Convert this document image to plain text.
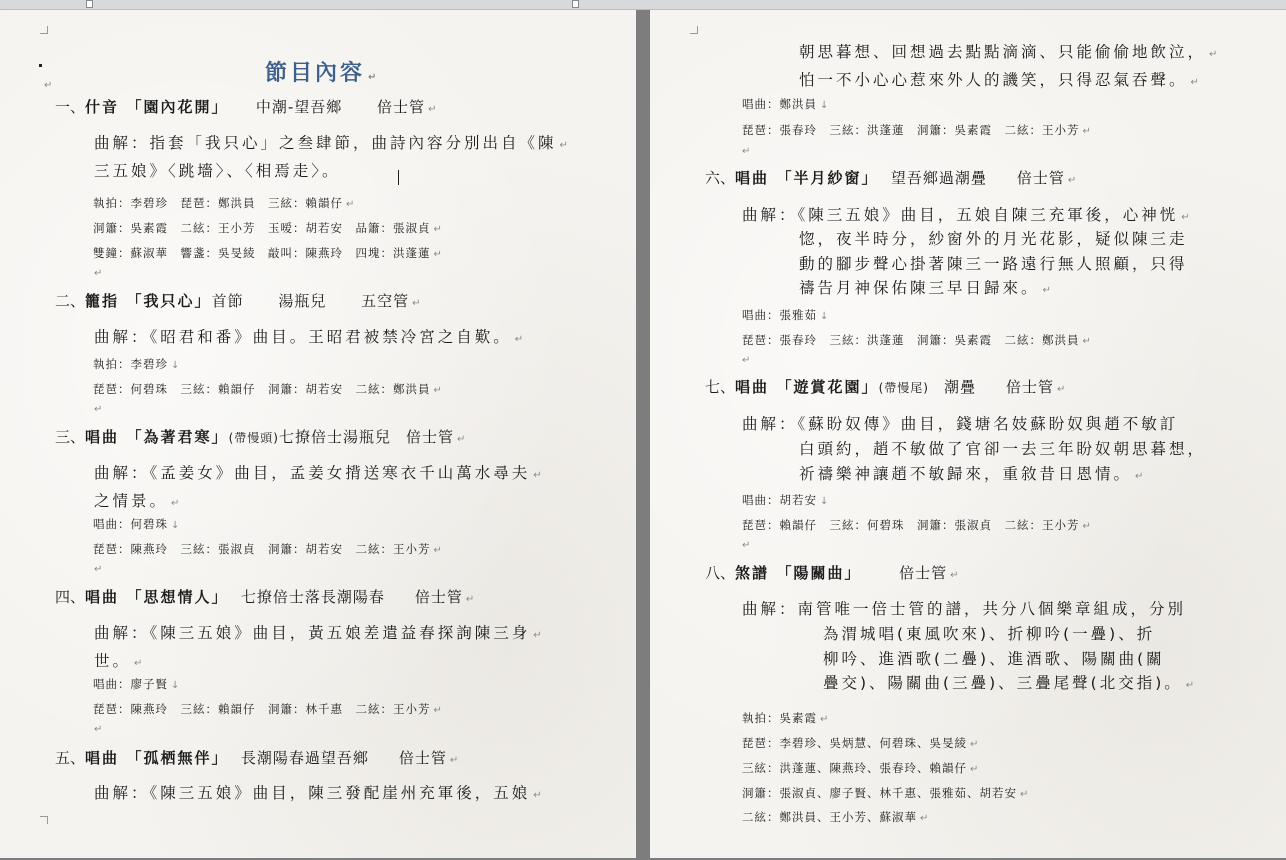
節目內容 ↵
↵
一、什音　 「園內花開」　　 中潮-望吾鄉　　 倍士管 ↵
曲解：指套「我只心」之叁肆節，曲詩內容分別出自《陳 ↵
三五娘》〈跳墻〉、〈相焉走〉。
執拍：李碧珍　琵琶：鄭洪員　三絃：賴韻仔 ↵
洞簫：吳素霞　二絃：王小芳　玉嗳：胡若安　品簫：張淑貞 ↵
雙鐘：蘇淑華　響盞：吳旻綾　敲叫：陳燕玲　四塊：洪蓬蓮 ↵
↵
二、籠指　 「我只心」首節　　 湯瓶兒　　 五空管 ↵
曲解：《昭君和番》曲目。王昭君被禁冷宮之自歎。 ↵
執拍：李碧珍 ↓
琵琶：何碧珠　三絃：賴韻仔　洞簫：胡若安　二絃：鄭洪員 ↵
↵
三、唱曲　 「為著君寒」(帶慢頭)七撩倍士湯瓶兒　 倍士管 ↵
曲解：《孟姜女》曲目，孟姜女揹送寒衣千山萬水尋夫 ↵
之情景。 ↵
唱曲：何碧珠 ↓
琵琶：陳燕玲　三絃：張淑貞　洞簫：胡若安　二絃：王小芳 ↵
↵
四、唱曲　 「思想情人」　 七撩倍士落長潮陽春　　 倍士管 ↵
曲解：《陳三五娘》曲目，黃五娘差遣益春探詢陳三身 ↵
世。 ↵
唱曲：廖子賢 ↓
琵琶：陳燕玲　三絃：賴韻仔　洞簫：林千惠　二絃：王小芳 ↵
↵
五、唱曲　 「孤栖無伴」　 長潮陽春過望吾鄉　　 倍士管 ↵
曲解：《陳三五娘》曲目，陳三發配崖州充軍後，五娘 ↵
朝思暮想、回想過去點點滴滴、只能偷偷地飲泣， ↵
怕一不小心心惹來外人的譏笑，只得忍氣吞聲。 ↵
唱曲：鄭洪員 ↓
琵琶：張春玲　三絃：洪蓬蓮　洞簫：吳素霞　二絃：王小芳 ↵
↵
六、唱曲　 「半月紗窗」　 望吾鄉過潮疊　　 倍士管 ↵
曲解：《陳三五娘》曲目，五娘自陳三充軍後，心神恍 ↵
惚，夜半時分，紗窗外的月光花影，疑似陳三走
動的腳步聲心掛著陳三一路遠行無人照顧，只得
禱告月神保佑陳三早日歸來。 ↵
唱曲：張雅茹 ↓
琵琶：張春玲　三絃：洪蓬蓮　洞簫：吳素霞　二絃：鄭洪員 ↵
↵
七、唱曲　 「遊賞花園」(帶慢尾)　 潮疊　　 倍士管 ↵
曲解：《蘇盼奴傳》曲目，錢塘名妓蘇盼奴與趙不敏訂
白頭約，趙不敏做了官卻一去三年盼奴朝思暮想，
祈禱樂神讓趙不敏歸來，重敘昔日恩情。 ↵
唱曲：胡若安 ↓
琵琶：賴韻仔　三絃：何碧珠　洞簫：張淑貞　二絃：王小芳 ↵
↵
八、煞譜　 「陽關曲」　　　	倍士管 ↵
曲解：南管唯一倍士管的譜，共分八個樂章組成，分別
為渭城唱(東風吹來)、折柳吟(一疊)、折
柳吟、進酒歌(二疊)、進酒歌、陽關曲(關
疊交)、陽關曲(三疊)、三疊尾聲(北交指)。 ↵
執拍：吳素霞 ↵
琵琶：李碧珍、吳炳慧、何碧珠、吳旻綾 ↵
三絃：洪蓬蓮、陳燕玲、張春玲、賴韻仔 ↵
洞簫：張淑貞、廖子賢、林千惠、張雅茹、胡若安 ↵
二絃：鄭洪員、王小芳、蘇淑華 ↵
